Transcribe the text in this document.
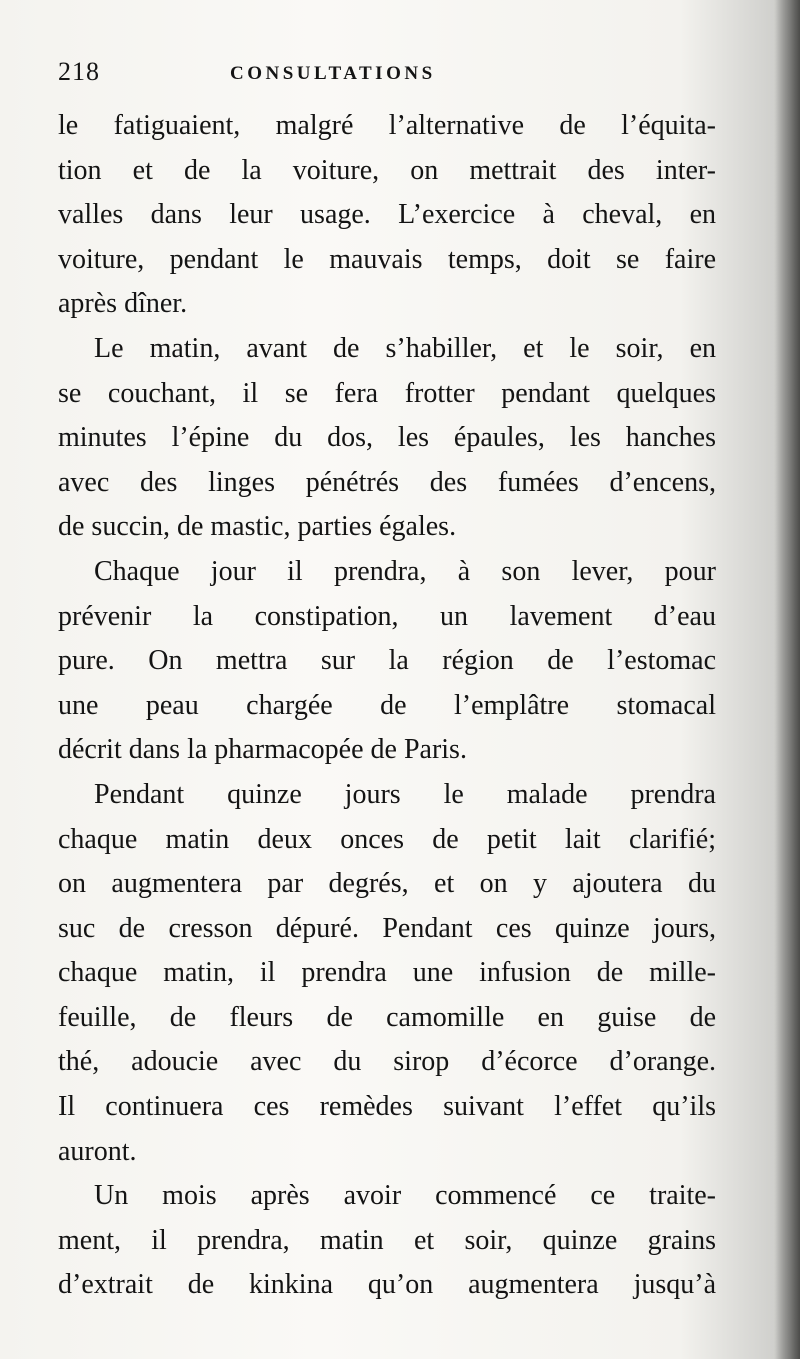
218	CONSULTATIONS
le fatiguaient, malgré l’alternative de l’équita-
tion et de la voiture, on mettrait des inter-
valles dans leur usage. L’exercice à cheval, en
voiture, pendant le mauvais temps, doit se faire
après dîner.
Le matin, avant de s’habiller, et le soir, en
se couchant, il se fera frotter pendant quelques
minutes l’épine du dos, les épaules, les hanches
avec des linges pénétrés des fumées d’encens,
de succin, de mastic, parties égales.
Chaque jour il prendra, à son lever, pour
prévenir la constipation, un lavement d’eau
pure. On mettra sur la région de l’estomac
une peau chargée de l’emplâtre stomacal
décrit dans la pharmacopée de Paris.
Pendant quinze jours le malade prendra
chaque matin deux onces de petit lait clarifié;
on augmentera par degrés, et on y ajoutera du
suc de cresson dépuré. Pendant ces quinze jours,
chaque matin, il prendra une infusion de mille-
feuille, de fleurs de camomille en guise de
thé, adoucie avec du sirop d’écorce d’orange.
Il continuera ces remèdes suivant l’effet qu’ils
auront.
Un mois après avoir commencé ce traite-
ment, il prendra, matin et soir, quinze grains
d’extrait de kinkina qu’on augmentera jusqu’à
